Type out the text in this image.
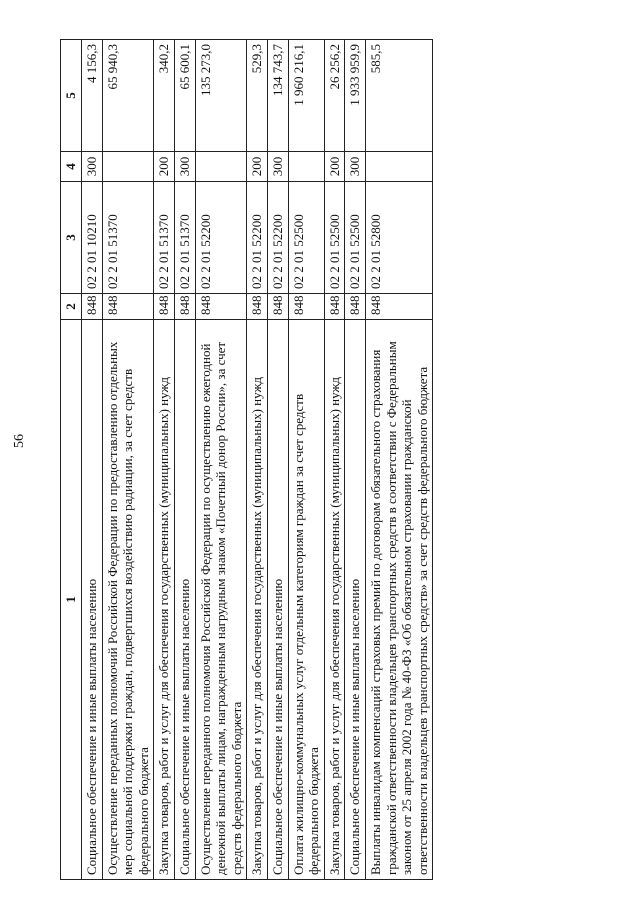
56
1	2	3	4	5
Социальное обеспечение и иные выплаты населению	848	02 2 01 10210	300	4 156,3
Осуществление переданных полномочий Российской Федерации по предоставлению отдельных мер социальной поддержки граждан, подвергшихся воздействию радиации, за счет средств федерального бюджета	848	02 2 01 51370		65 940,3
Закупка товаров, работ и услуг для обеспечения государственных (муниципальных) нужд	848	02 2 01 51370	200	340,2
Социальное обеспечение и иные выплаты населению	848	02 2 01 51370	300	65 600,1
Осуществление переданного полномочия Российской Федерации по осуществлению ежегодной денежной выплаты лицам, награжденным нагрудным знаком «Почетный донор России», за счет средств федерального бюджета	848	02 2 01 52200		135 273,0
Закупка товаров, работ и услуг для обеспечения государственных (муниципальных) нужд	848	02 2 01 52200	200	529,3
Социальное обеспечение и иные выплаты населению	848	02 2 01 52200	300	134 743,7
Оплата жилищно-коммунальных услуг отдельным категориям граждан за счет средств федерального бюджета	848	02 2 01 52500		1 960 216,1
Закупка товаров, работ и услуг для обеспечения государственных (муниципальных) нужд	848	02 2 01 52500	200	26 256,2
Социальное обеспечение и иные выплаты населению	848	02 2 01 52500	300	1 933 959,9
Выплаты инвалидам компенсаций страховых премий по договорам обязательного страхования гражданской ответственности владельцев транспортных средств в соответствии с Федеральным законом от 25 апреля 2002 года № 40-ФЗ «Об обязательном страховании гражданской ответственности владельцев транспортных средств» за счет средств федерального бюджета	848	02 2 01 52800		585,5
